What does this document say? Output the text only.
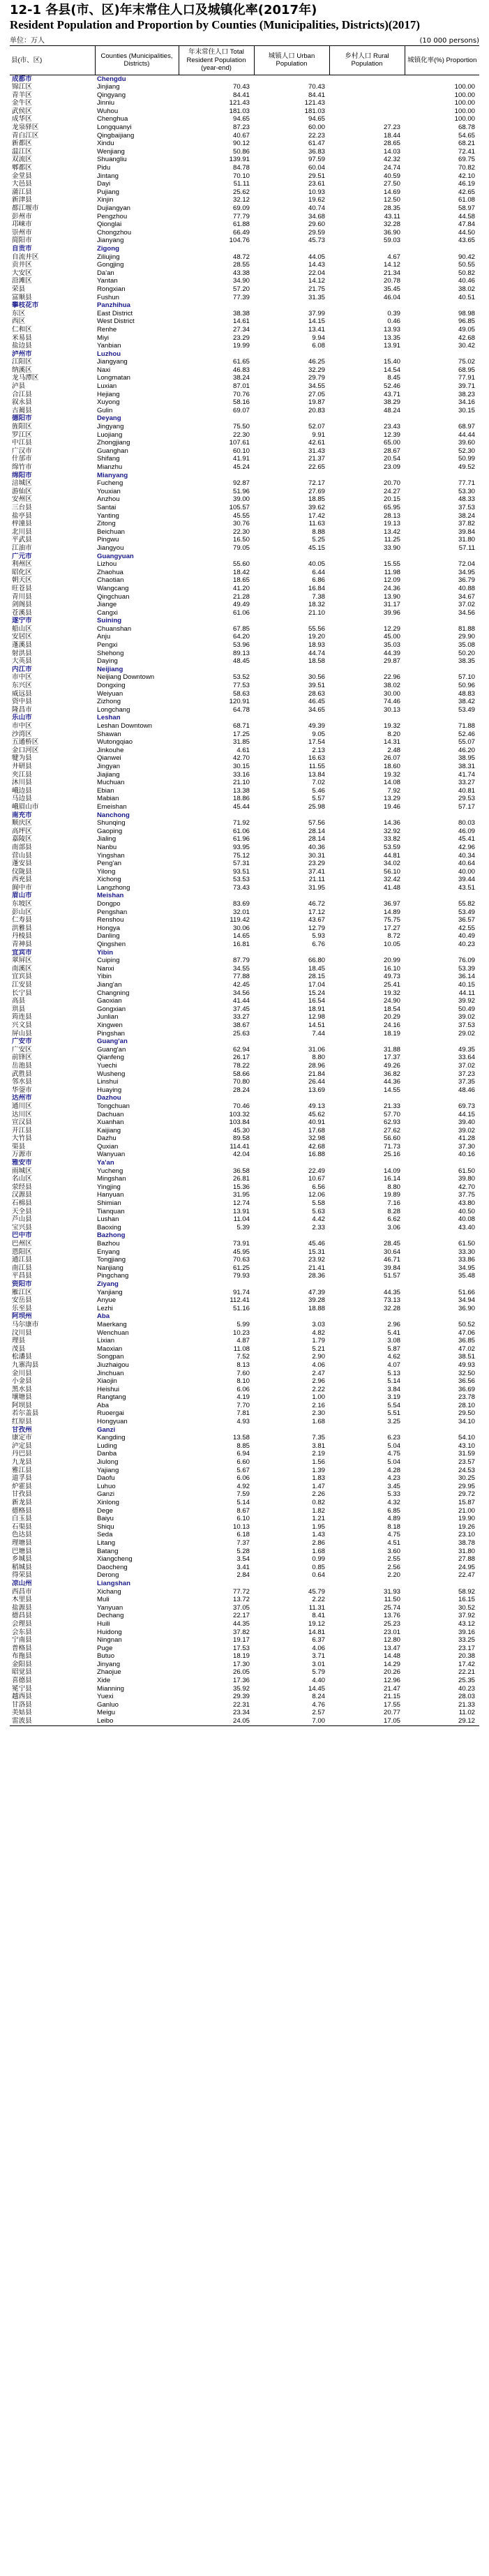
12-1 各县(市、区)年末常住人口及城镇化率(2017年)
Resident Population and Proportion by Counties (Municipalities, Districts)(2017)
单位：万人	(10 000 persons)
县(市、区)	Counties (Municipalities, Districts)	年末常住人口 Total Resident Population (year-end)	城镇人口 Urban Population	乡村人口 Rural Population	城镇化率(%) Proportion
成都市	Chengdu				
锦江区	Jinjiang	70.43	70.43		100.00
青羊区	Qingyang	84.41	84.41		100.00
金牛区	Jinniu	121.43	121.43		100.00
武侯区	Wuhou	181.03	181.03		100.00
成华区	Chenghua	94.65	94.65		100.00
龙泉驿区	Longquanyi	87.23	60.00	27.23	68.78
青白江区	Qingbaijiang	40.67	22.23	18.44	54.65
新都区	Xindu	90.12	61.47	28.65	68.21
温江区	Wenjiang	50.86	36.83	14.03	72.41
双流区	Shuangliu	139.91	97.59	42.32	69.75
郫都区	Pidu	84.78	60.04	24.74	70.82
金堂县	Jintang	70.10	29.51	40.59	42.10
大邑县	Dayi	51.11	23.61	27.50	46.19
蒲江县	Pujiang	25.62	10.93	14.69	42.65
新津县	Xinjin	32.12	19.62	12.50	61.08
都江堰市	Dujiangyan	69.09	40.74	28.35	58.97
彭州市	Pengzhou	77.79	34.68	43.11	44.58
邛崃市	Qionglai	61.88	29.60	32.28	47.84
崇州市	Chongzhou	66.49	29.59	36.90	44.50
简阳市	Jianyang	104.76	45.73	59.03	43.65
自贡市	Zigong				
自流井区	Ziliujing	48.72	44.05	4.67	90.42
贡井区	Gongjing	28.55	14.43	14.12	50.55
大安区	Da'an	43.38	22.04	21.34	50.82
沿滩区	Yantan	34.90	14.12	20.78	40.46
荣县	Rongxian	57.20	21.75	35.45	38.02
富顺县	Fushun	77.39	31.35	46.04	40.51
攀枝花市	Panzhihua				
东区	East District	38.38	37.99	0.39	98.98
西区	West District	14.61	14.15	0.46	96.85
仁和区	Renhe	27.34	13.41	13.93	49.05
米易县	Miyi	23.29	9.94	13.35	42.68
盐边县	Yanbian	19.99	6.08	13.91	30.42
泸州市	Luzhou				
江阳区	Jiangyang	61.65	46.25	15.40	75.02
纳溪区	Naxi	46.83	32.29	14.54	68.95
龙马潭区	Longmatan	38.24	29.79	8.45	77.91
泸县	Luxian	87.01	34.55	52.46	39.71
合江县	Hejiang	70.76	27.05	43.71	38.23
叙永县	Xuyong	58.16	19.87	38.29	34.16
古蔺县	Gulin	69.07	20.83	48.24	30.15
德阳市	Deyang				
旌阳区	Jingyang	75.50	52.07	23.43	68.97
罗江区	Luojiang	22.30	9.91	12.39	44.44
中江县	Zhongjiang	107.61	42.61	65.00	39.60
广汉市	Guanghan	60.10	31.43	28.67	52.30
什邡市	Shifang	41.91	21.37	20.54	50.99
绵竹市	Mianzhu	45.24	22.65	23.09	49.52
绵阳市	Mianyang				
涪城区	Fucheng	92.87	72.17	20.70	77.71
游仙区	Youxian	51.96	27.69	24.27	53.30
安州区	Anzhou	39.00	18.85	20.15	48.33
三台县	Santai	105.57	39.62	65.95	37.53
盐亭县	Yanting	45.55	17.42	28.13	38.24
梓潼县	Zitong	30.76	11.63	19.13	37.82
北川县	Beichuan	22.30	8.88	13.42	39.84
平武县	Pingwu	16.50	5.25	11.25	31.80
江油市	Jiangyou	79.05	45.15	33.90	57.11
广元市	Guangyuan				
利州区	Lizhou	55.60	40.05	15.55	72.04
昭化区	Zhaohua	18.42	6.44	11.98	34.95
朝天区	Chaotian	18.65	6.86	12.09	36.79
旺苍县	Wangcang	41.20	16.84	24.36	40.88
青川县	Qingchuan	21.28	7.38	13.90	34.67
剑阁县	Jiange	49.49	18.32	31.17	37.02
苍溪县	Cangxi	61.06	21.10	39.96	34.56
遂宁市	Suining				
船山区	Chuanshan	67.85	55.56	12.29	81.88
安居区	Anju	64.20	19.20	45.00	29.90
蓬溪县	Pengxi	53.96	18.93	35.03	35.08
射洪县	Shehong	89.13	44.74	44.39	50.20
大英县	Daying	48.45	18.58	29.87	38.35
内江市	Neijiang				
市中区	Neijiang Downtown	53.52	30.56	22.96	57.10
东兴区	Dongxing	77.53	39.51	38.02	50.96
威远县	Weiyuan	58.63	28.63	30.00	48.83
资中县	Zizhong	120.91	46.45	74.46	38.42
隆昌市	Longchang	64.78	34.65	30.13	53.49
乐山市	Leshan				
市中区	Leshan Downtown	68.71	49.39	19.32	71.88
沙湾区	Shawan	17.25	9.05	8.20	52.46
五通桥区	Wutongqiao	31.85	17.54	14.31	55.07
金口河区	Jinkouhe	4.61	2.13	2.48	46.20
犍为县	Qianwei	42.70	16.63	26.07	38.95
井研县	Jingyan	30.15	11.55	18.60	38.31
夹江县	Jiajiang	33.16	13.84	19.32	41.74
沐川县	Muchuan	21.10	7.02	14.08	33.27
峨边县	Ebian	13.38	5.46	7.92	40.81
马边县	Mabian	18.86	5.57	13.29	29.53
峨眉山市	Emeishan	45.44	25.98	19.46	57.17
南充市	Nanchong				
顺庆区	Shunqing	71.92	57.56	14.36	80.03
高坪区	Gaoping	61.06	28.14	32.92	46.09
嘉陵区	Jialing	61.96	28.14	33.82	45.41
南部县	Nanbu	93.95	40.36	53.59	42.96
营山县	Yingshan	75.12	30.31	44.81	40.34
蓬安县	Peng'an	57.31	23.29	34.02	40.64
仪陇县	Yilong	93.51	37.41	56.10	40.00
西充县	Xichong	53.53	21.11	32.42	39.44
阆中市	Langzhong	73.43	31.95	41.48	43.51
眉山市	Meishan				
东坡区	Dongpo	83.69	46.72	36.97	55.82
彭山区	Pengshan	32.01	17.12	14.89	53.49
仁寿县	Renshou	119.42	43.67	75.75	36.57
洪雅县	Hongya	30.06	12.79	17.27	42.55
丹棱县	Danling	14.65	5.93	8.72	40.49
青神县	Qingshen	16.81	6.76	10.05	40.23
宜宾市	Yibin				
翠屏区	Cuiping	87.79	66.80	20.99	76.09
南溪区	Nanxi	34.55	18.45	16.10	53.39
宜宾县	Yibin	77.88	28.15	49.73	36.14
江安县	Jiang'an	42.45	17.04	25.41	40.15
长宁县	Changning	34.56	15.24	19.32	44.11
高县	Gaoxian	41.44	16.54	24.90	39.92
珙县	Gongxian	37.45	18.91	18.54	50.49
筠连县	Junlian	33.27	12.98	20.29	39.02
兴文县	Xingwen	38.67	14.51	24.16	37.53
屏山县	Pingshan	25.63	7.44	18.19	29.02
广安市	Guang'an				
广安区	Guang'an	62.94	31.06	31.88	49.35
前锋区	Qianfeng	26.17	8.80	17.37	33.64
岳池县	Yuechi	78.22	28.96	49.26	37.02
武胜县	Wusheng	58.66	21.84	36.82	37.23
邻水县	Linshui	70.80	26.44	44.36	37.35
华蓥市	Huaying	28.24	13.69	14.55	48.46
达州市	Dazhou				
通川区	Tongchuan	70.46	49.13	21.33	69.73
达川区	Dachuan	103.32	45.62	57.70	44.15
宣汉县	Xuanhan	103.84	40.91	62.93	39.40
开江县	Kaijiang	45.30	17.68	27.62	39.02
大竹县	Dazhu	89.58	32.98	56.60	41.28
渠县	Quxian	114.41	42.68	71.73	37.30
万源市	Wanyuan	42.04	16.88	25.16	40.16
雅安市	Ya'an				
雨城区	Yucheng	36.58	22.49	14.09	61.50
名山区	Mingshan	26.81	10.67	16.14	39.80
荥经县	Yingjing	15.36	6.56	8.80	42.70
汉源县	Hanyuan	31.95	12.06	19.89	37.75
石棉县	Shimian	12.74	5.58	7.16	43.80
天全县	Tianquan	13.91	5.63	8.28	40.50
芦山县	Lushan	11.04	4.42	6.62	40.08
宝兴县	Baoxing	5.39	2.33	3.06	43.40
巴中市	Bazhong				
巴州区	Bazhou	73.91	45.46	28.45	61.50
恩阳区	Enyang	45.95	15.31	30.64	33.30
通江县	Tongjiang	70.63	23.92	46.71	33.86
南江县	Nanjiang	61.25	21.41	39.84	34.95
平昌县	Pingchang	79.93	28.36	51.57	35.48
资阳市	Ziyang				
雁江区	Yanjiang	91.74	47.39	44.35	51.66
安岳县	Anyue	112.41	39.28	73.13	34.94
乐至县	Lezhi	51.16	18.88	32.28	36.90
阿坝州	Aba				
马尔康市	Maerkang	5.99	3.03	2.96	50.52
汶川县	Wenchuan	10.23	4.82	5.41	47.06
理县	Lixian	4.87	1.79	3.08	36.85
茂县	Maoxian	11.08	5.21	5.87	47.02
松潘县	Songpan	7.52	2.90	4.62	38.51
九寨沟县	Jiuzhaigou	8.13	4.06	4.07	49.93
金川县	Jinchuan	7.60	2.47	5.13	32.50
小金县	Xiaojin	8.10	2.96	5.14	36.56
黑水县	Heishui	6.06	2.22	3.84	36.69
壤塘县	Rangtang	4.19	1.00	3.19	23.78
阿坝县	Aba	7.70	2.16	5.54	28.10
若尔盖县	Ruoergai	7.81	2.30	5.51	29.50
红原县	Hongyuan	4.93	1.68	3.25	34.10
甘孜州	Ganzi				
康定市	Kangding	13.58	7.35	6.23	54.10
泸定县	Luding	8.85	3.81	5.04	43.10
丹巴县	Danba	6.94	2.19	4.75	31.59
九龙县	Jiulong	6.60	1.56	5.04	23.57
雅江县	Yajiang	5.67	1.39	4.28	24.53
道孚县	Daofu	6.06	1.83	4.23	30.25
炉霍县	Luhuo	4.92	1.47	3.45	29.95
甘孜县	Ganzi	7.59	2.26	5.33	29.72
新龙县	Xinlong	5.14	0.82	4.32	15.87
德格县	Dege	8.67	1.82	6.85	21.00
白玉县	Baiyu	6.10	1.21	4.89	19.90
石渠县	Shiqu	10.13	1.95	8.18	19.26
色达县	Seda	6.18	1.43	4.75	23.10
理塘县	Litang	7.37	2.86	4.51	38.78
巴塘县	Batang	5.28	1.68	3.60	31.80
乡城县	Xiangcheng	3.54	0.99	2.55	27.88
稻城县	Daocheng	3.41	0.85	2.56	24.95
得荣县	Derong	2.84	0.64	2.20	22.47
凉山州	Liangshan				
西昌市	Xichang	77.72	45.79	31.93	58.92
木里县	Muli	13.72	2.22	11.50	16.15
盐源县	Yanyuan	37.05	11.31	25.74	30.52
德昌县	Dechang	22.17	8.41	13.76	37.92
会理县	Huili	44.35	19.12	25.23	43.12
会东县	Huidong	37.82	14.81	23.01	39.16
宁南县	Ningnan	19.17	6.37	12.80	33.25
普格县	Puge	17.53	4.06	13.47	23.17
布拖县	Butuo	18.19	3.71	14.48	20.38
金阳县	Jinyang	17.30	3.01	14.29	17.42
昭觉县	Zhaojue	26.05	5.79	20.26	22.21
喜德县	Xide	17.36	4.40	12.96	25.35
冕宁县	Mianning	35.92	14.45	21.47	40.23
越西县	Yuexi	29.39	8.24	21.15	28.03
甘洛县	Ganluo	22.31	4.76	17.55	21.33
美姑县	Meigu	23.34	2.57	20.77	11.02
雷波县	Leibo	24.05	7.00	17.05	29.12
